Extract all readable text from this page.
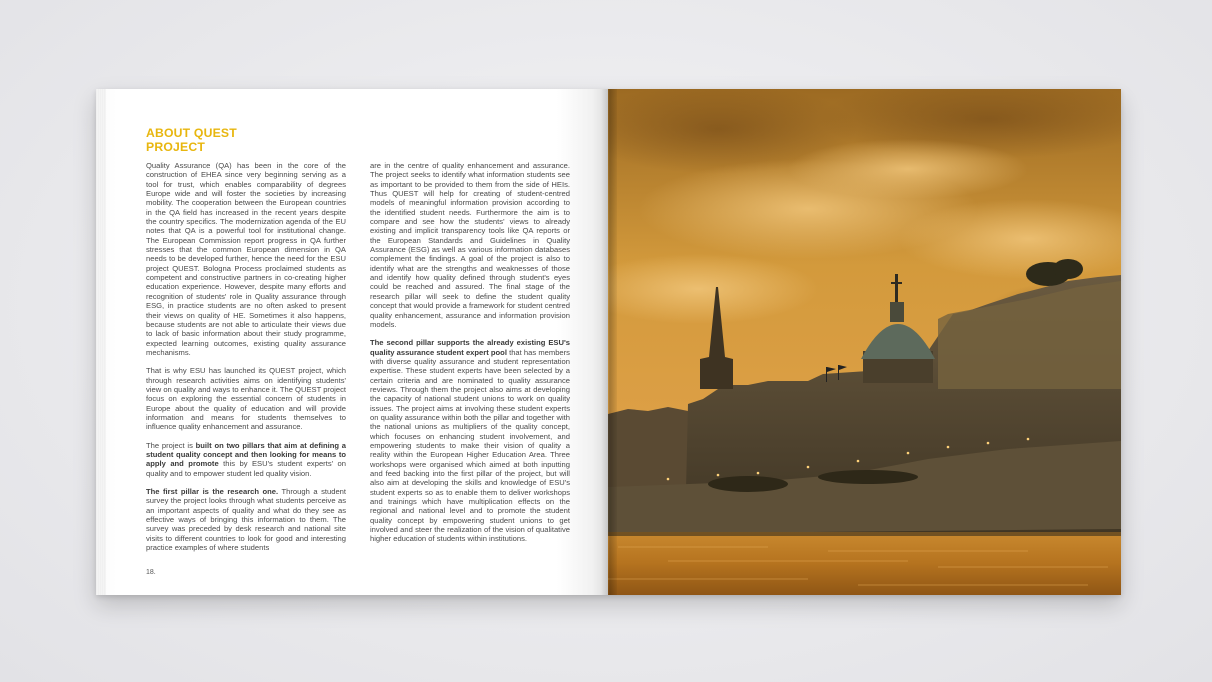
ABOUT QUEST
PROJECT

Quality Assurance (QA) has been in the core of the construction of EHEA since very beginning serving as a tool for trust, which enables comparability of degrees Europe wide and will foster the societies by increasing mobility. The cooperation between the European countries in the QA field has increased in the recent years despite the country specifics. The modernization agenda of the EU notes that QA is a powerful tool for institutional change. The European Commission report progress in QA further stresses that the common European dimension in QA needs to be developed further, hence the need for the ESU project QUEST. Bologna Process proclaimed students as competent and constructive partners in co-creating higher education experience. However, despite many efforts and recognition of students' role in Quality assurance through ESG, in practice students are no often asked to present their views on quality of HE. Sometimes it also happens, because students are not able to articulate their views due to lack of basic information about their study programme, expected learning outcomes, existing quality assurance mechanisms.

That is why ESU has launched its QUEST project, which through research activities aims on identifying students' view on quality and ways to enhance it. The QUEST project focus on exploring the essential concern of students in Europe about the quality of education and will provide information and means for students themselves to influence quality enhancement and assurance.

The project is built on two pillars that aim at defining a student quality concept and then looking for means to apply and promote this by ESU's student experts' on quality and to empower student led quality vision.

The first pillar is the research one. Through a student survey the project looks through what students perceive as an important aspects of quality and what do they see as effective ways of bringing this information to them. The survey was preceded by desk research and national site visits to different countries to look for good and interesting practice examples of where students

are in the centre of quality enhancement and assurance. The project seeks to identify what information students see as important to be provided to them from the side of HEIs. Thus QUEST will help for creating of student-centred models of meaningful information provision according to the identified student needs. Furthermore the aim is to compare and see how the students' views to already existing and implicit transparency tools like QA reports or the European Standards and Guidelines in Quality Assurance (ESG) as well as various information databases complement the findings. A goal of the project is also to identify what are the strengths and weaknesses of those and identify how quality defined through student's eyes could be reached and assured. The final stage of the research pillar will seek to define the student quality concept that would provide a framework for student centred quality enhancement, assurance and information provision models.

The second pillar supports the already existing ESU's quality assurance student expert pool that has members with diverse quality assurance and student representation expertise. These student experts have been selected by a certain criteria and are nominated to quality assurance reviews. Through them the project also aims at developing the capacity of national student unions to work on quality issues. The project aims at involving these student experts on quality assurance within both the pillar and together with the national unions as multipliers of the quality concept, which focuses on enhancing student involvement, and empowering students to make their vision of quality a reality within the European Higher Education Area. Three workshops were organised which aimed at both inputting and feed backing into the first pillar of the project, but will also aim at developing the skills and knowledge of ESU's student experts so as to enable them to deliver workshops and trainings which have multiplication effects on the regional and national level and to promote the student quality concept by empowering student unions to get involved and steer the realization of the vision of qualitative higher education of students within institutions.

18.
